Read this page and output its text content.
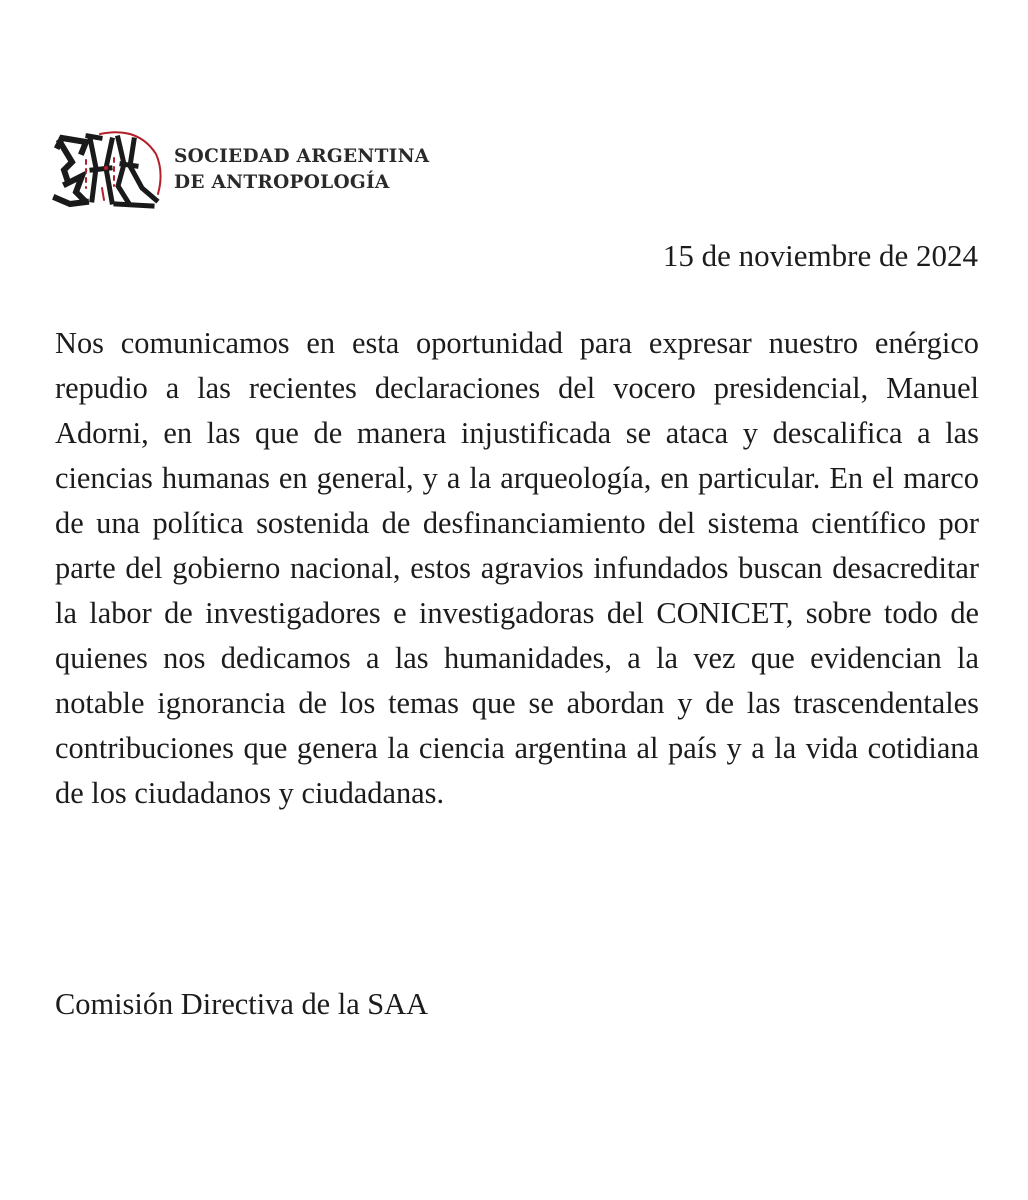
SOCIEDAD ARGENTINA
DE ANTROPOLOGÍA
15 de noviembre de 2024

Nos comunicamos en esta oportunidad para expresar nuestro enérgico repudio a las recientes declaraciones del vocero presidencial, Manuel Adorni, en las que de manera injustificada se ataca y descalifica a las ciencias humanas en general, y a la arqueología, en particular. En el marco de una política sostenida de desfinanciamiento del sistema científico por parte del gobierno nacional, estos agravios infundados buscan desacreditar la labor de investigadores e investigadoras del CONICET, sobre todo de quienes nos dedicamos a las humanidades, a la vez que evidencian la notable ignorancia de los temas que se abordan y de las trascendentales contribuciones que genera la ciencia argentina al país y a la vida cotidiana de los ciudadanos y ciudadanas.

Comisión Directiva de la SAA
